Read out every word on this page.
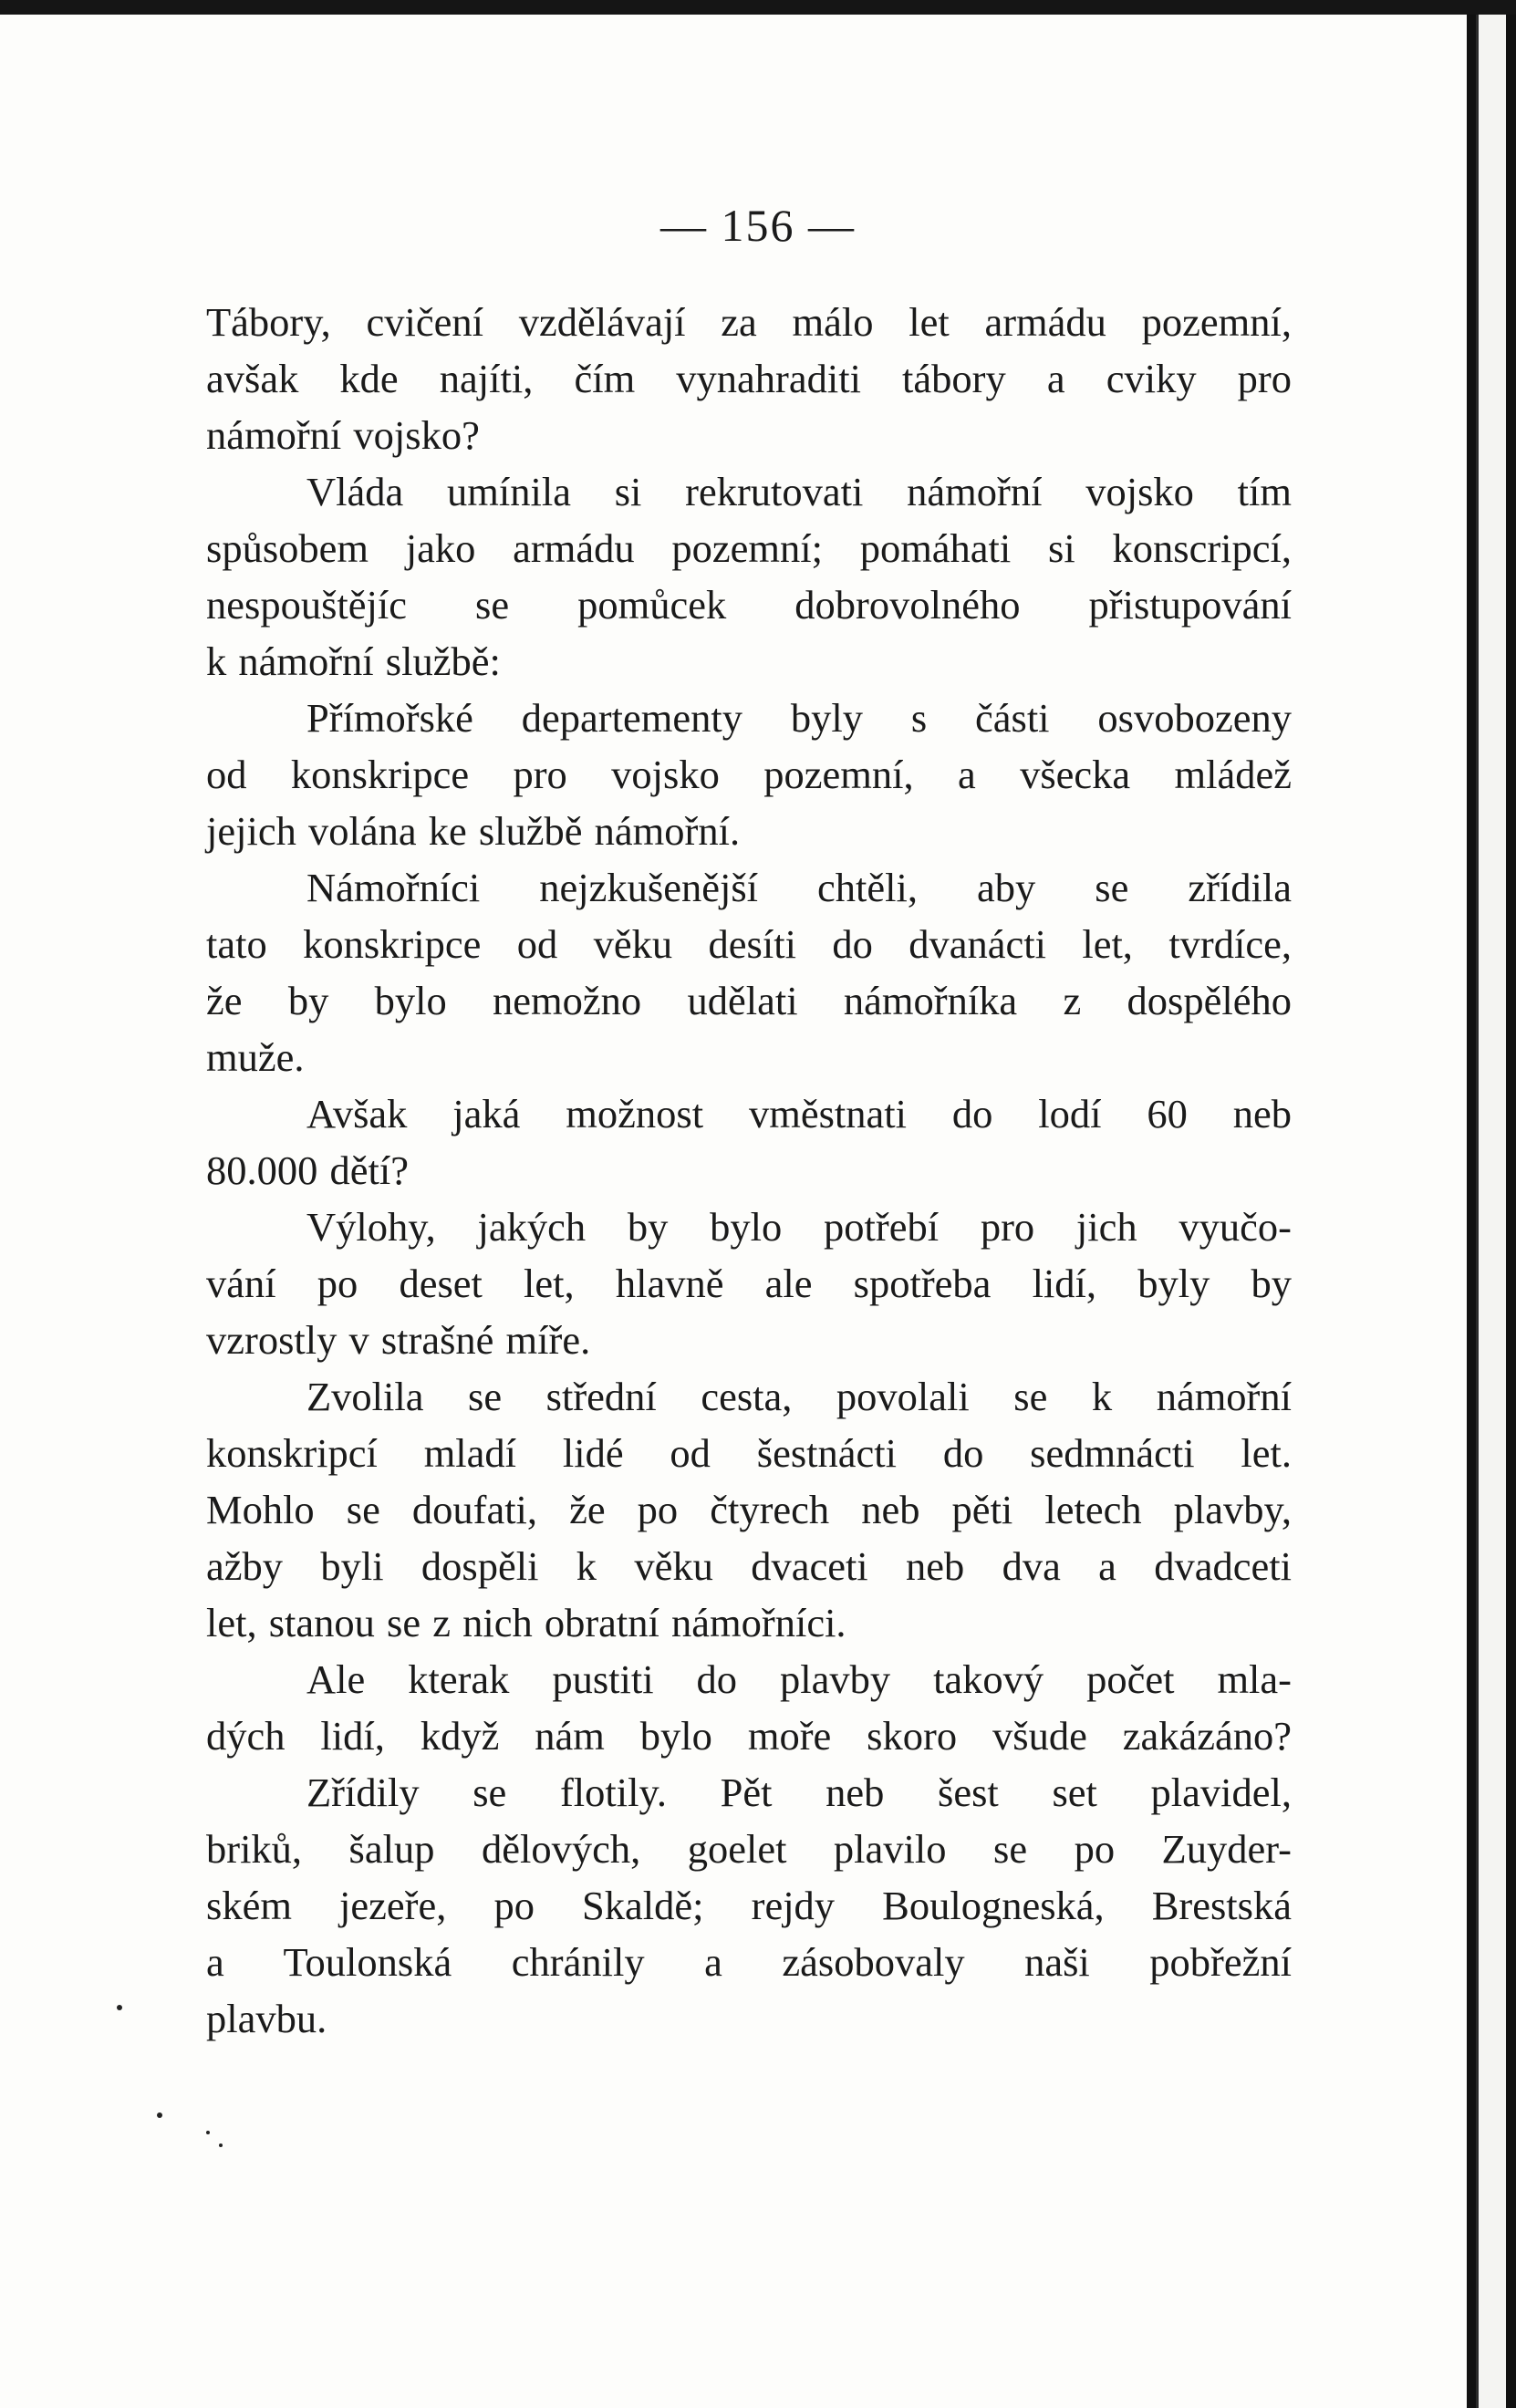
— 156 —
Tábory, cvičení vzdělávají za málo let armádu pozemní,
avšak kde najíti, čím vynahraditi tábory a cviky pro
námořní vojsko?
Vláda umínila si rekrutovati námořní vojsko tím
spůsobem jako armádu pozemní; pomáhati si konscripcí,
nespouštějíc se pomůcek dobrovolného přistupování
k námořní službě:
Přímořské departementy byly s části osvobozeny
od konskripce pro vojsko pozemní, a všecka mládež
jejich volána ke službě námořní.
Námořníci nejzkušenější chtěli, aby se zřídila
tato konskripce od věku desíti do dvanácti let, tvrdíce,
že by bylo nemožno udělati námořníka z dospělého
muže.
Avšak jaká možnost vměstnati do lodí 60 neb
80.000 dětí?
Výlohy, jakých by bylo potřebí pro jich vyučo-
vání po deset let, hlavně ale spotřeba lidí, byly by
vzrostly v strašné míře.
Zvolila se střední cesta, povolali se k námořní
konskripcí mladí lidé od šestnácti do sedmnácti let.
Mohlo se doufati, že po čtyrech neb pěti letech plavby,
ažby byli dospěli k věku dvaceti neb dva a dvadceti
let, stanou se z nich obratní námořníci.
Ale kterak pustiti do plavby takový počet mla-
dých lidí, když nám bylo moře skoro všude zakázáno?
Zřídily se flotily. Pět neb šest set plavidel,
briků, šalup dělových, goelet plavilo se po Zuyder-
ském jezeře, po Skaldě; rejdy Boulogneská, Brestská
a Toulonská chránily a zásobovaly naši pobřežní
plavbu.
